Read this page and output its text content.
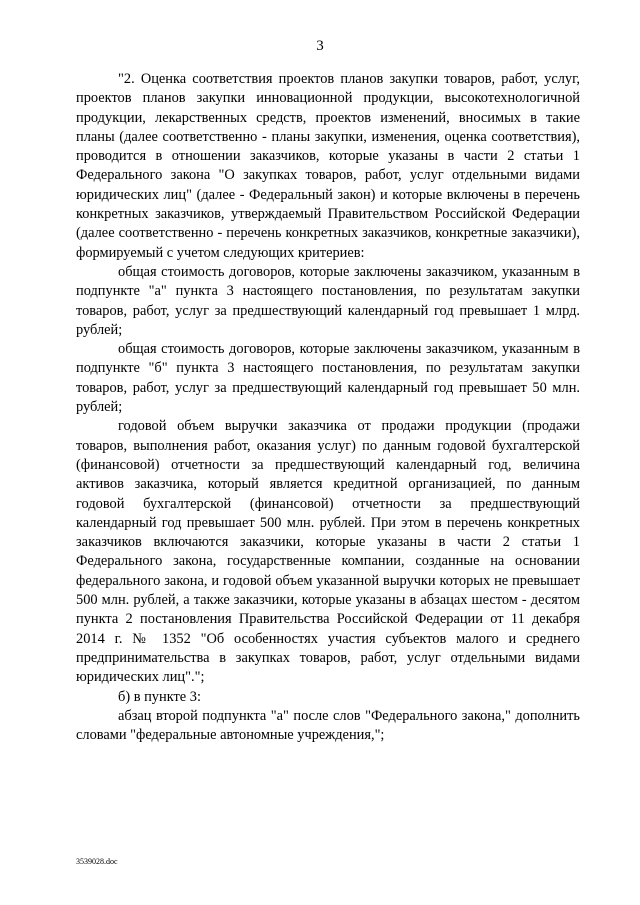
3

"2. Оценка соответствия проектов планов закупки товаров, работ, услуг, проектов планов закупки инновационной продукции, высокотехнологичной продукции, лекарственных средств, проектов изменений, вносимых в такие планы (далее соответственно - планы закупки, изменения, оценка соответствия), проводится в отношении заказчиков, которые указаны в части 2 статьи 1 Федерального закона "О закупках товаров, работ, услуг отдельными видами юридических лиц" (далее - Федеральный закон) и которые включены в перечень конкретных заказчиков, утверждаемый Правительством Российской Федерации (далее соответственно - перечень конкретных заказчиков, конкретные заказчики), формируемый с учетом следующих критериев:

общая стоимость договоров, которые заключены заказчиком, указанным в подпункте "а" пункта 3 настоящего постановления, по результатам закупки товаров, работ, услуг за предшествующий календарный год превышает 1 млрд. рублей;

общая стоимость договоров, которые заключены заказчиком, указанным в подпункте "б" пункта 3 настоящего постановления, по результатам закупки товаров, работ, услуг за предшествующий календарный год превышает 50 млн. рублей;

годовой объем выручки заказчика от продажи продукции (продажи товаров, выполнения работ, оказания услуг) по данным годовой бухгалтерской (финансовой) отчетности за предшествующий календарный год, величина активов заказчика, который является кредитной организацией, по данным годовой бухгалтерской (финансовой) отчетности за предшествующий календарный год превышает 500 млн. рублей. При этом в перечень конкретных заказчиков включаются заказчики, которые указаны в части 2 статьи 1 Федерального закона, государственные компании, созданные на основании федерального закона, и годовой объем указанной выручки которых не превышает 500 млн. рублей, а также заказчики, которые указаны в абзацах шестом - десятом пункта 2 постановления Правительства Российской Федерации от 11 декабря 2014 г. № 1352 "Об особенностях участия субъектов малого и среднего предпринимательства в закупках товаров, работ, услуг отдельными видами юридических лиц".";

б) в пункте 3:

абзац второй подпункта "а" после слов "Федерального закона," дополнить словами "федеральные автономные учреждения,";

3539028.doc
